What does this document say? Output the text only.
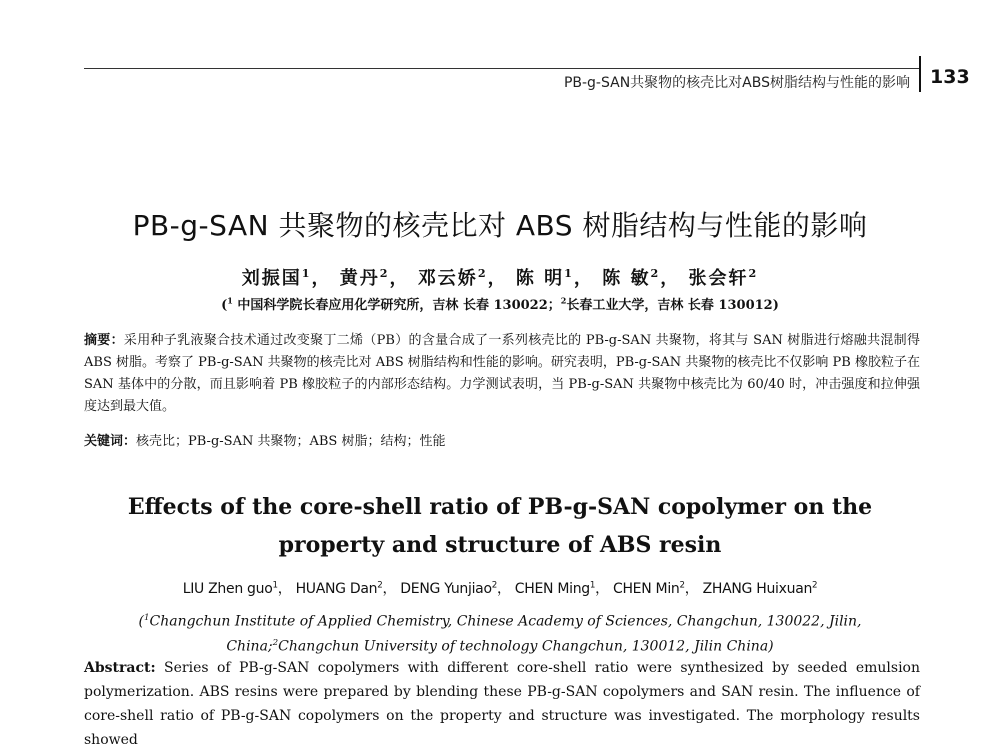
PB-g-SAN共聚物的核壳比对ABS树脂结构与性能的影响 133
PB-g-SAN 共聚物的核壳比对 ABS 树脂结构与性能的影响
刘振国$^1$， 黄丹$^2$， 邓云娇$^2$， 陈 明$^1$， 陈 敏$^2$， 张会轩$^2$
($^1$ 中国科学院长春应用化学研究所，吉林 长春 130022；$^2$长春工业大学，吉林 长春 130012)
摘要：采用种子乳液聚合技术通过改变聚丁二烯（PB）的含量合成了一系列核壳比的 PB-g-SAN 共聚物，将其与 SAN 树脂进行熔融共混制得 ABS 树脂。考察了 PB-g-SAN 共聚物的核壳比对 ABS 树脂结构和性能的影响。研究表明，PB-g-SAN 共聚物的核壳比不仅影响 PB 橡胶粒子在 SAN 基体中的分散，而且影响着 PB 橡胶粒子的内部形态结构。力学测试表明，当 PB-g-SAN 共聚物中核壳比为 60/40 时，冲击强度和拉伸强度达到最大值。
关键词：核壳比；PB-g-SAN 共聚物；ABS 树脂；结构；性能
Effects of the core-shell ratio of PB-g-SAN copolymer on the
property and structure of ABS resin
LIU Zhen guo$^1$， HUANG Dan$^2$， DENG Yunjiao$^2$， CHEN Ming$^1$， CHEN Min$^2$， ZHANG Huixuan$^2$
($^1$Changchun Institute of Applied Chemistry, Chinese Academy of Sciences, Changchun, 130022, Jilin, China;$^2$Changchun University of technology Changchun, 130012, Jilin China)
Abstract: Series of PB-g-SAN copolymers with different core-shell ratio were synthesized by seeded emulsion polymerization. ABS resins were prepared by blending these PB-g-SAN copolymers and SAN resin. The influence of core-shell ratio of PB-g-SAN copolymers on the property and structure was investigated. The morphology results showed
